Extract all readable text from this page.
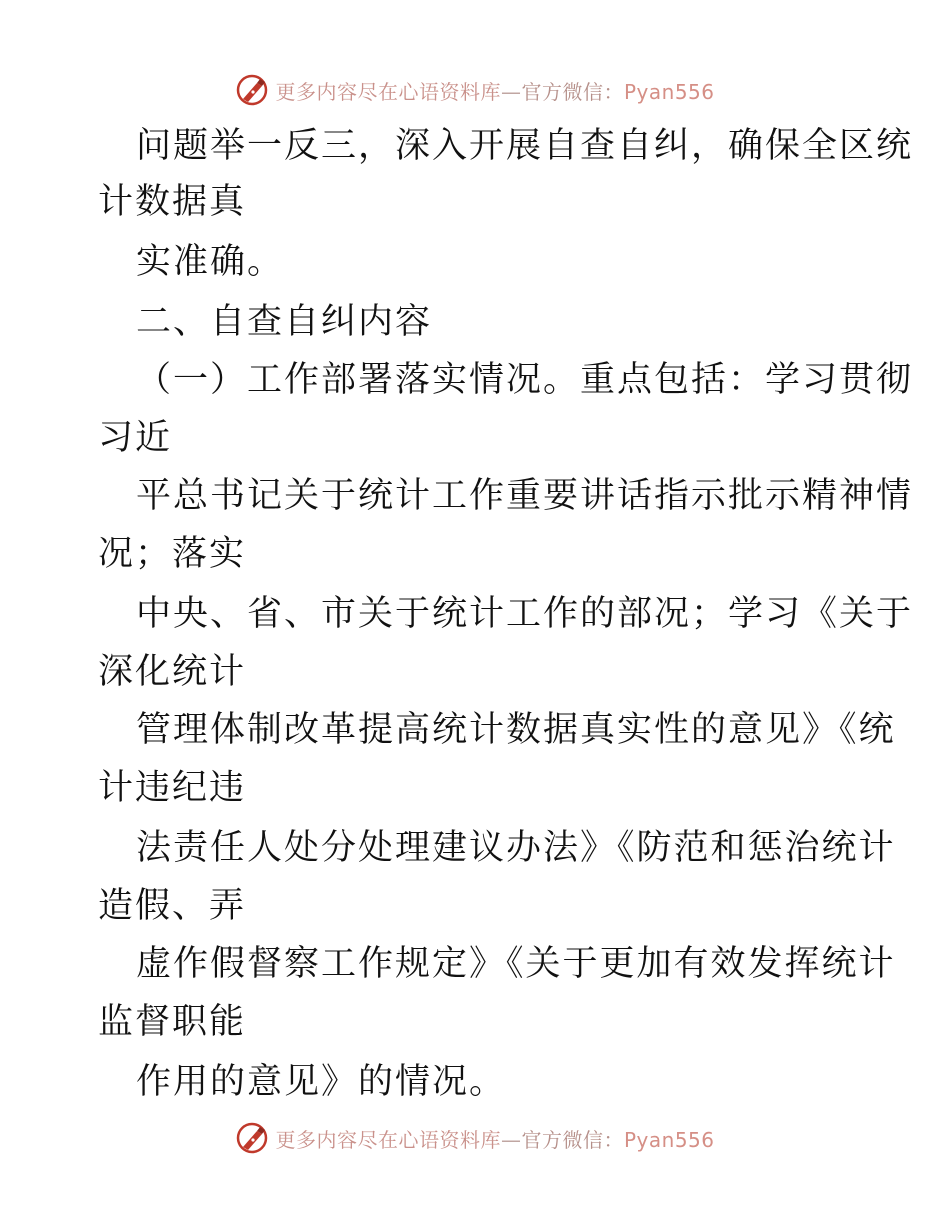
更多内容尽在心语资料库—官方微信：Pyan556
问题举一反三，深入开展自查自纠，确保全区统
计数据真
实准确。
二、自查自纠内容
（一）工作部署落实情况。重点包括：学习贯彻
习近
平总书记关于统计工作重要讲话指示批示精神情
况；落实
中央、省、市关于统计工作的部况；学习《关于
深化统计
管理体制改革提高统计数据真实性的意见》《统
计违纪违
法责任人处分处理建议办法》《防范和惩治统计
造假、弄
虚作假督察工作规定》《关于更加有效发挥统计
监督职能
作用的意见》的情况。
更多内容尽在心语资料库—官方微信：Pyan556
